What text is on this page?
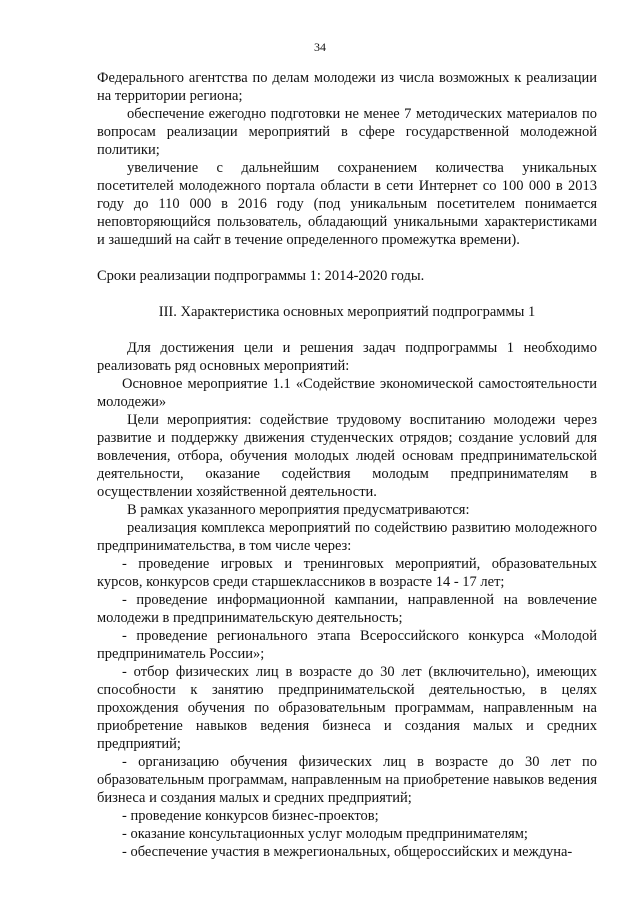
34

Федерального агентства по делам молодежи из числа возможных к реализации на территории региона;

обеспечение ежегодно подготовки не менее 7 методических материалов по вопросам реализации мероприятий в сфере государственной молодежной политики;

увеличение с дальнейшим сохранением количества уникальных посетителей молодежного портала области в сети Интернет со 100 000 в 2013 году до 110 000 в 2016 году (под уникальным посетителем понимается неповторяющийся пользователь, обладающий уникальными характеристиками и зашедший на сайт в течение определенного промежутка времени).

Сроки реализации подпрограммы 1: 2014-2020 годы.

III. Характеристика основных мероприятий подпрограммы 1

Для достижения цели и решения задач подпрограммы 1 необходимо реализовать ряд основных мероприятий:

Основное мероприятие 1.1 «Содействие экономической самостоятельности молодежи»

Цели мероприятия: содействие трудовому воспитанию молодежи через развитие и поддержку движения студенческих отрядов; создание условий для вовлечения, отбора, обучения молодых людей основам предпринимательской деятельности, оказание содействия молодым предпринимателям в осуществлении хозяйственной деятельности.

В рамках указанного мероприятия предусматриваются:

реализация комплекса мероприятий по содействию развитию молодежного предпринимательства, в том числе через:

- проведение игровых и тренинговых мероприятий, образовательных курсов, конкурсов среди старшеклассников в возрасте 14 - 17 лет;

- проведение информационной кампании, направленной на вовлечение молодежи в предпринимательскую деятельность;

- проведение регионального этапа Всероссийского конкурса «Молодой предприниматель России»;

- отбор физических лиц в возрасте до 30 лет (включительно), имеющих способности к занятию предпринимательской деятельностью, в целях прохождения обучения по образовательным программам, направленным на приобретение навыков ведения бизнеса и создания малых и средних предприятий;

- организацию обучения физических лиц в возрасте до 30 лет по образовательным программам, направленным на приобретение навыков ведения бизнеса и создания малых и средних предприятий;

- проведение конкурсов бизнес-проектов;

- оказание консультационных услуг молодым предпринимателям;

- обеспечение участия в межрегиональных, общероссийских и междуна-
